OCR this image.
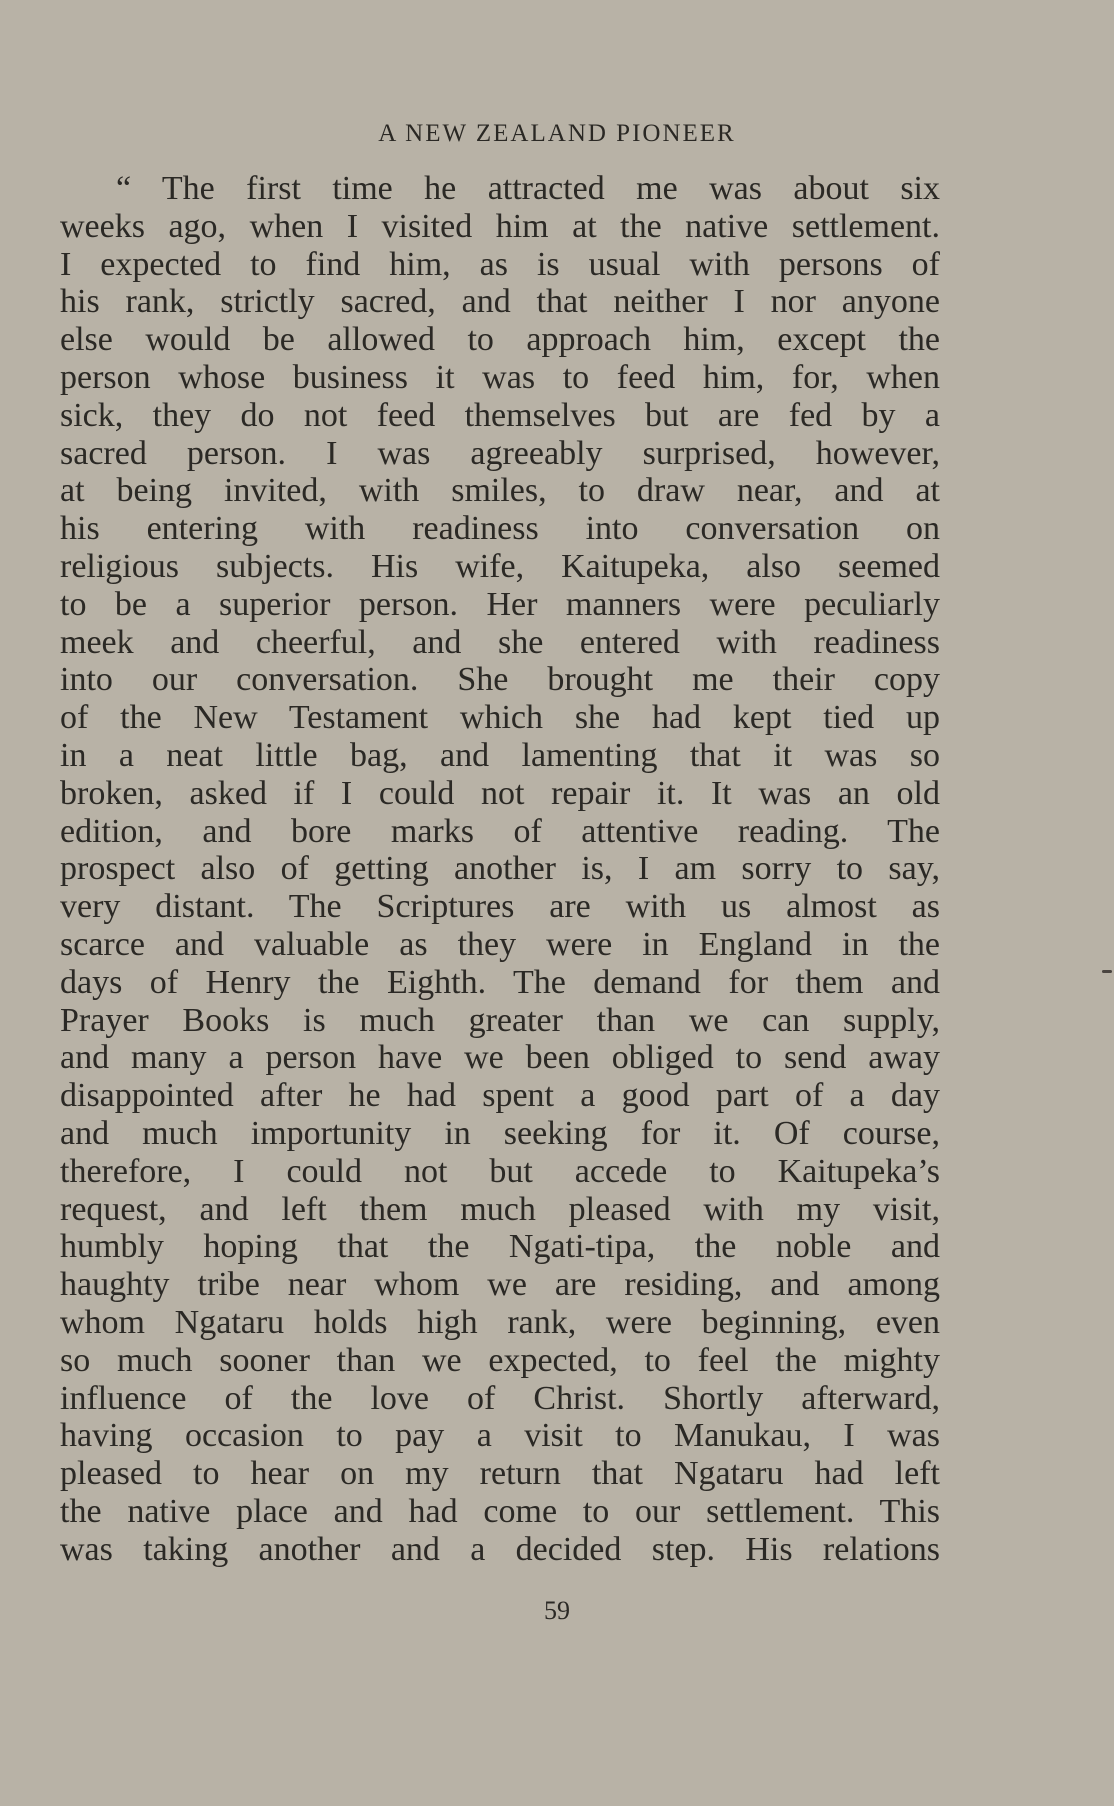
A NEW ZEALAND PIONEER
“ The first time he attracted me was about six
weeks ago, when I visited him at the native settlement.
I expected to find him, as is usual with persons of
his rank, strictly sacred, and that neither I nor anyone
else would be allowed to approach him, except the
person whose business it was to feed him, for, when
sick, they do not feed themselves but are fed by a
sacred person. I was agreeably surprised, however,
at being invited, with smiles, to draw near, and at
his entering with readiness into conversation on
religious subjects. His wife, Kaitupeka, also seemed
to be a superior person. Her manners were peculiarly
meek and cheerful, and she entered with readiness
into our conversation. She brought me their copy
of the New Testament which she had kept tied up
in a neat little bag, and lamenting that it was so
broken, asked if I could not repair it. It was an old
edition, and bore marks of attentive reading. The
prospect also of getting another is, I am sorry to say,
very distant. The Scriptures are with us almost as
scarce and valuable as they were in England in the
days of Henry the Eighth. The demand for them and
Prayer Books is much greater than we can supply,
and many a person have we been obliged to send away
disappointed after he had spent a good part of a day
and much importunity in seeking for it. Of course,
therefore, I could not but accede to Kaitupeka’s
request, and left them much pleased with my visit,
humbly hoping that the Ngati-tipa, the noble and
haughty tribe near whom we are residing, and among
whom Ngataru holds high rank, were beginning, even
so much sooner than we expected, to feel the mighty
influence of the love of Christ. Shortly afterward,
having occasion to pay a visit to Manukau, I was
pleased to hear on my return that Ngataru had left
the native place and had come to our settlement. This
was taking another and a decided step. His relations
59
